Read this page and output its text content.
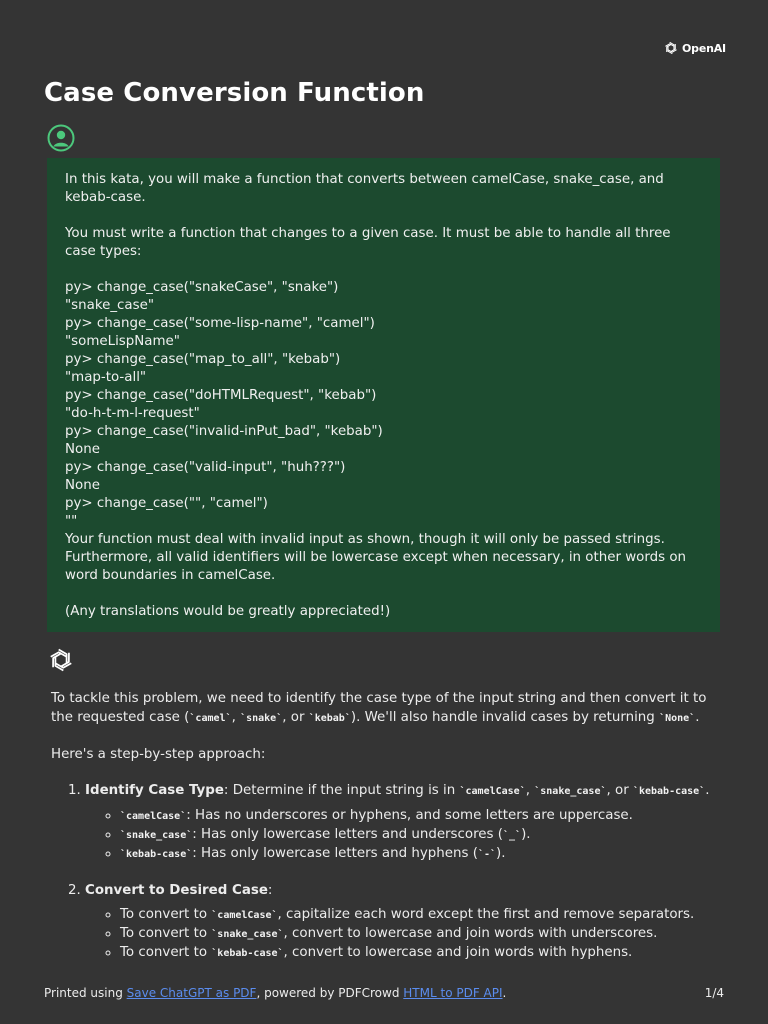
OpenAI
Case Conversion Function

In this kata, you will make a function that converts between camelCase, snake_case, and kebab-case.

You must write a function that changes to a given case. It must be able to handle all three case types:

py> change_case("snakeCase", "snake")
"snake_case"
py> change_case("some-lisp-name", "camel")
"someLispName"
py> change_case("map_to_all", "kebab")
"map-to-all"
py> change_case("doHTMLRequest", "kebab")
"do-h-t-m-l-request"
py> change_case("invalid-inPut_bad", "kebab")
None
py> change_case("valid-input", "huh???")
None
py> change_case("", "camel")
""
Your function must deal with invalid input as shown, though it will only be passed strings. Furthermore, all valid identifiers will be lowercase except when necessary, in other words on word boundaries in camelCase.

(Any translations would be greatly appreciated!)

To tackle this problem, we need to identify the case type of the input string and then convert it to the requested case (`camel`, `snake`, or `kebab`). We'll also handle invalid cases by returning `None`.

Here's a step-by-step approach:

1. Identify Case Type: Determine if the input string is in `camelCase`, `snake_case`, or `kebab-case`.
◦ `camelCase`: Has no underscores or hyphens, and some letters are uppercase.
◦ `snake_case`: Has only lowercase letters and underscores (`_`).
◦ `kebab-case`: Has only lowercase letters and hyphens (`-`).
2. Convert to Desired Case:
◦ To convert to `camelCase`, capitalize each word except the first and remove separators.
◦ To convert to `snake_case`, convert to lowercase and join words with underscores.
◦ To convert to `kebab-case`, convert to lowercase and join words with hyphens.
Printed using Save ChatGPT as PDF, powered by PDFCrowd HTML to PDF API.	1/4
